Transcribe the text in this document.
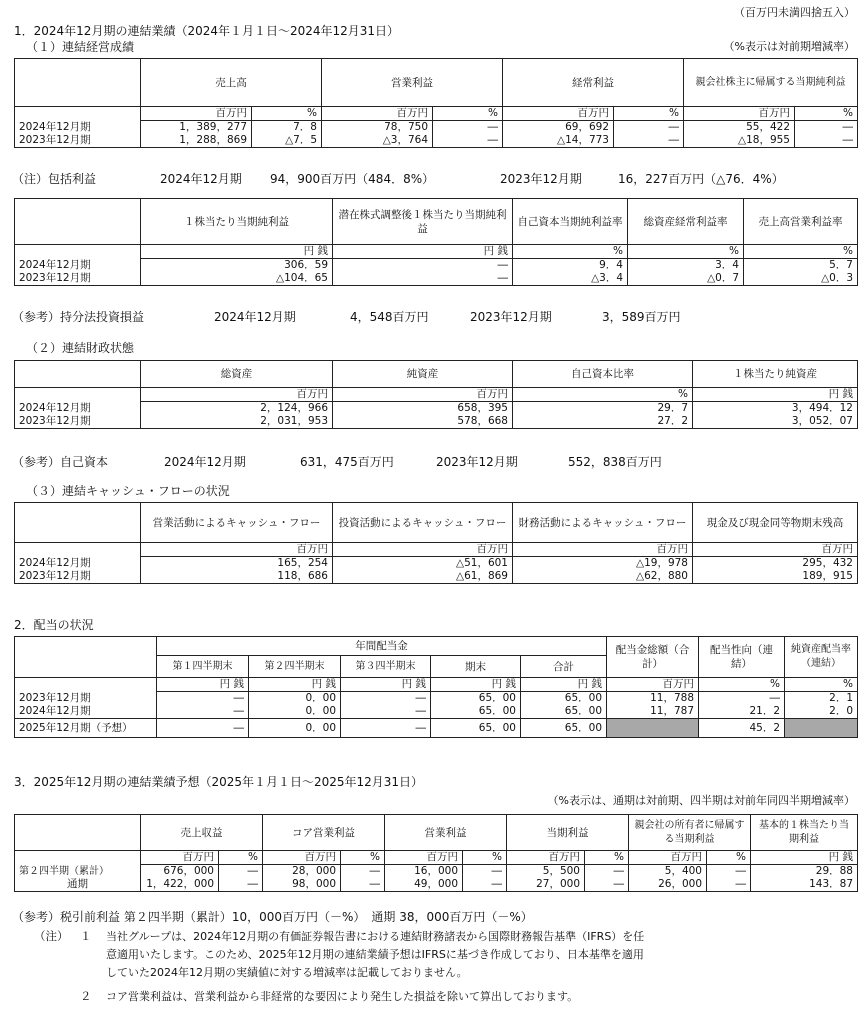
（百万円未満四捨五入）
1．2024年12月期の連結業績（2024年１月１日～2024年12月31日）
（１）連結経営成績	（%表示は対前期増減率）
	売上高		営業利益		経常利益		親会社株主に帰属する当期純利益	
	百万円	%	百万円	%	百万円	%	百万円	%
2024年12月期	1，389，277	7．8	78，750	―	69，692	―	55，422	―
2023年12月期	1，288，869	△7．5	△3，764	―	△14，773	―	△18，955	―
（注）包括利益	2024年12月期 94，900百万円（484．8%）	2023年12月期	16，227百万円（△76．4%）
	１株当たり当期純利益	潜在株式調整後１株当たり当期純利益	自己資本当期純利益率	総資産経常利益率	売上高営業利益率
	円 銭	円 銭	%	%	%
2024年12月期	306．59	―	9．4	3．4	5．7
2023年12月期	△104．65	―	△3．4	△0．7	△0．3
（参考）持分法投資損益	2024年12月期	4，548百万円	2023年12月期	3，589百万円
（２）連結財政状態
	総資産	純資産	自己資本比率	１株当たり純資産
	百万円	百万円	%	円 銭
2024年12月期	2，124，966	658，395	29．7	3，494．12
2023年12月期	2，031，953	578，668	27．2	3，052．07
（参考）自己資本	2024年12月期	631，475百万円	2023年12月期	552，838百万円
（３）連結キャッシュ・フローの状況
	営業活動によるキャッシュ・フロー	投資活動によるキャッシュ・フロー	財務活動によるキャッシュ・フロー	現金及び現金同等物期末残高
	百万円	百万円	百万円	百万円
2024年12月期	165，254	△51，601	△19，978	295，432
2023年12月期	118，686	△61，869	△62，880	189，915
2．配当の状況
	年間配当金					配当金総額（合計）	配当性向（連結）	純資産配当率（連結）
	第１四半期末	第２四半期末	第３四半期末	期末	合計			
	円 銭	円 銭	円 銭	円 銭	円 銭	百万円	%	%
2023年12月期	―	0．00	―	65．00	65．00	11，788	―	2．1
2024年12月期	―	0．00	―	65．00	65．00	11，787	21．2	2．0
2025年12月期（予想）	―	0．00	―	65．00	65．00		45．2	
3．2025年12月期の連結業績予想（2025年１月１日～2025年12月31日）
（%表示は、通期は対前期、四半期は対前年同四半期増減率）
	売上収益		コア営業利益		営業利益		当期利益		親会社の所有者に帰属する当期利益		基本的１株当たり当期利益
	百万円	%	百万円	%	百万円	%	百万円	%	百万円	%	円 銭
第２四半期（累計）	676，000	―	28，000	―	16，000	―	5，500	―	5，400	―	29．88
通期	1，422，000	―	98，000	―	49，000	―	27，000	―	26，000	―	143．87
（参考）税引前利益 第２四半期（累計）10，000百万円（－%）　通期 38，000百万円（－%）
（注） １ 当社グループは、2024年12月期の有価証券報告書における連結財務諸表から国際財務報告基準（IFRS）を任
意適用いたします。このため、2025年12月期の連結業績予想はIFRSに基づき作成しており、日本基準を適用
していた2024年12月期の実績値に対する増減率は記載しておりません。
２ コア営業利益は、営業利益から非経常的な要因により発生した損益を除いて算出しております。
